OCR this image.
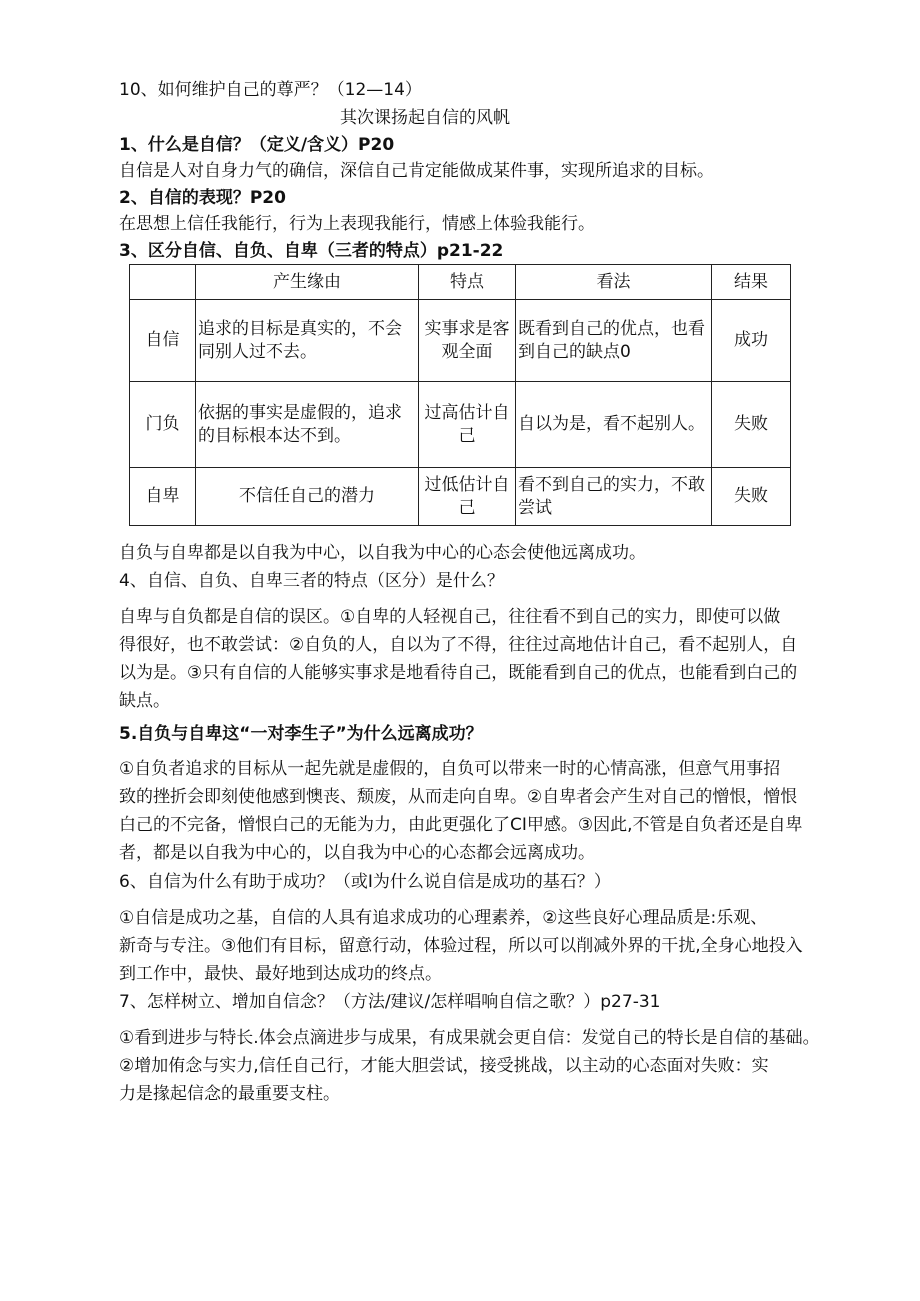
10、如何维护自己的尊严？（12—14）
其次课扬起自信的风帆
1、什么是自信？（定义/含义）P20
自信是人对自身力气的确信，深信自己肯定能做成某件事，实现所追求的目标。
2、自信的表现？P20
在思想上信任我能行，行为上表现我能行，情感上体验我能行。
3、区分自信、自负、自卑（三者的特点）p21-22
	产生缘由	特点	看法	结果
自信	追求的目标是真实的，不会同别人过不去。	实事求是客观全面	既看到自己的优点，也看到自己的缺点0	成功
门负	依据的事实是虚假的，追求的目标根本达不到。	过高估计自己	自以为是，看不起别人。	失败
自卑	不信任自己的潜力	过低估计自己	看不到自己的实力，不敢尝试	失败
自负与自卑都是以自我为中心，以自我为中心的心态会使他远离成功。
4、自信、自负、自卑三者的特点（区分）是什么？
自卑与自负都是自信的误区。①自卑的人轻视自己，往往看不到自己的实力，即使可以做
得很好，也不敢尝试：②自负的人，自以为了不得，往往过高地估计自己，看不起别人，自
以为是。③只有自信的人能够实事求是地看待自己，既能看到自己的优点，也能看到白己的
缺点。
5.自负与自卑这“一对李生子”为什么远离成功？
①自负者追求的目标从一起先就是虚假的，自负可以带来一时的心情高涨，但意气用事招
致的挫折会即刻使他感到懊丧、颓废，从而走向自卑。②自卑者会产生对自己的憎恨，憎恨
白己的不完备，憎恨白己的无能为力，由此更强化了CI甲感。③因此,不管是自负者还是自卑
者，都是以自我为中心的，以自我为中心的心态都会远离成功。
6、自信为什么有助于成功？（或I为什么说自信是成功的基石？）
①自信是成功之基，自信的人具有追求成功的心理素养，②这些良好心理品质是:乐观、
新奇与专注。③他们有目标，留意行动，体验过程，所以可以削减外界的干扰,全身心地投入
到工作中，最快、最好地到达成功的终点。
7、怎样树立、增加自信念？（方法/建议/怎样唱响自信之歌？）p27-31
①看到进步与特长.体会点滴进步与成果，有成果就会更自信：发觉自己的特长是自信的基础。
②增加侑念与实力,信任自己行，才能大胆尝试，接受挑战，以主动的心态面对失败：实
力是掾起信念的最重要支柱。
